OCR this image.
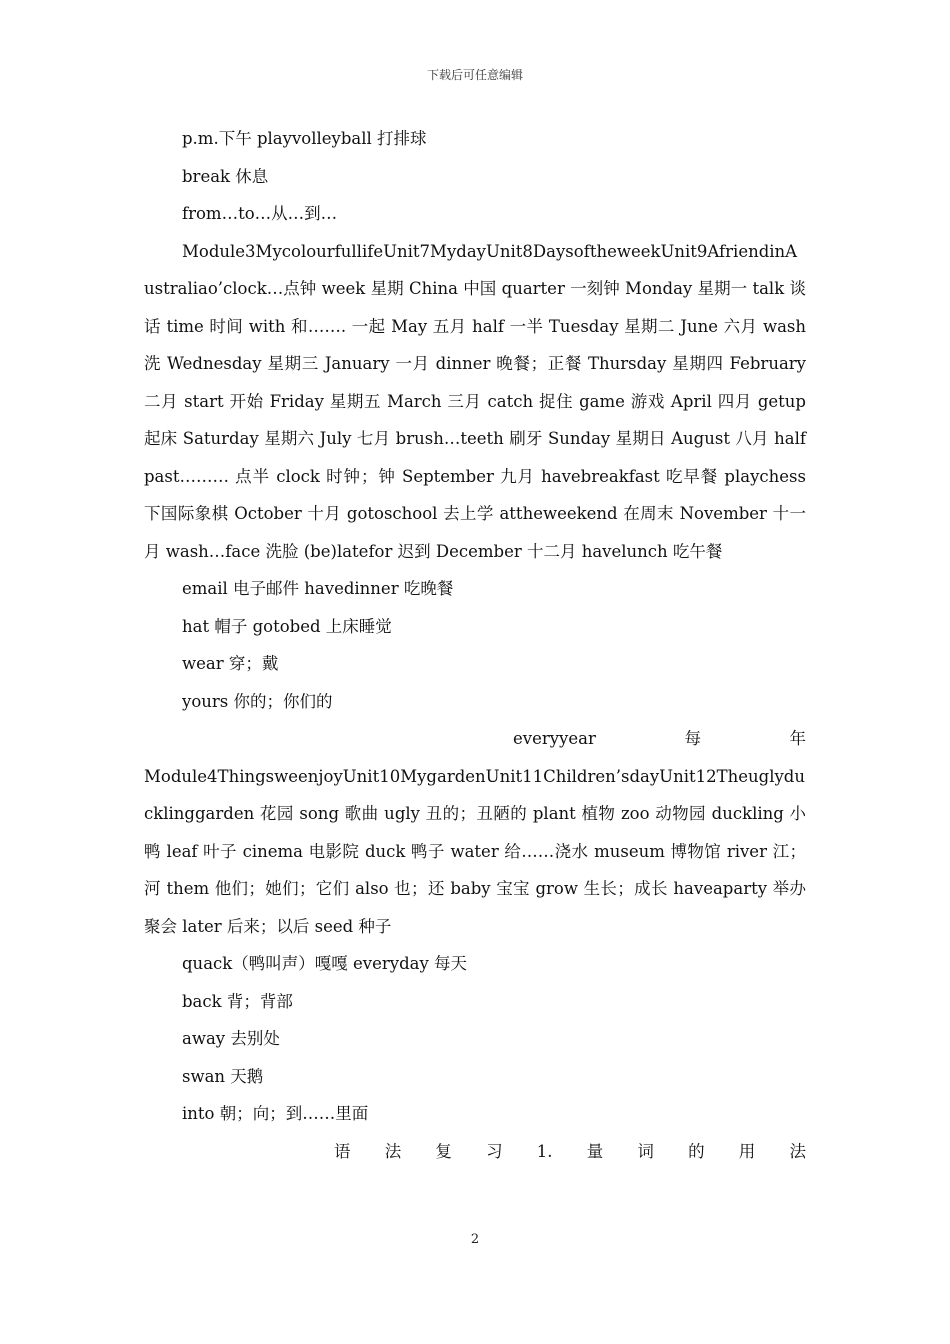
下载后可任意编辑
p.m.下午 playvolleyball 打排球
break 休息
from…to…从…到…
Module3MycolourfullifeUnit7MydayUnit8DaysoftheweekUnit9AfriendinAustraliao’clock…点钟 week 星期 China 中国 quarter 一刻钟 Monday 星期一 talk 谈话 time 时间 with 和……. 一起 May 五月 half 一半 Tuesday 星期二 June 六月 wash 洗 Wednesday 星期三 January 一月 dinner 晚餐；正餐 Thursday 星期四 February 二月 start 开始 Friday 星期五 March 三月 catch 捉住 game 游戏 April 四月 getup 起床 Saturday 星期六 July 七月 brush…teeth 刷牙 Sunday 星期日 August 八月 halfpast……… 点半 clock 时钟；钟 September 九月 havebreakfast 吃早餐 playchess 下国际象棋 October 十月 gotoschool 去上学 attheweekend 在周末 November 十一月 wash…face 洗脸 (be)latefor 迟到 December 十二月 havelunch 吃午餐
email 电子邮件 havedinner 吃晚餐
hat 帽子 gotobed 上床睡觉
wear 穿；戴
yours 你的；你们的
everyyear	每	年
Module4ThingsweenjoyUnit10MygardenUnit11Children’sdayUnit12Theuglyducklinggarden 花园 song 歌曲 ugly 丑的；丑陋的 plant 植物 zoo 动物园 duckling 小鸭 leaf 叶子 cinema 电影院 duck 鸭子 water 给……浇水 museum 博物馆 river 江；河 them 他们；她们；它们 also 也；还 baby 宝宝 grow 生长；成长 haveaparty 举办聚会 later 后来；以后 seed 种子
quack（鸭叫声）嘎嘎 everyday 每天
back 背；背部
away 去别处
swan 天鹅
into 朝；向；到……里面
语 法 复 习 1. 量 词 的 用 法
2
